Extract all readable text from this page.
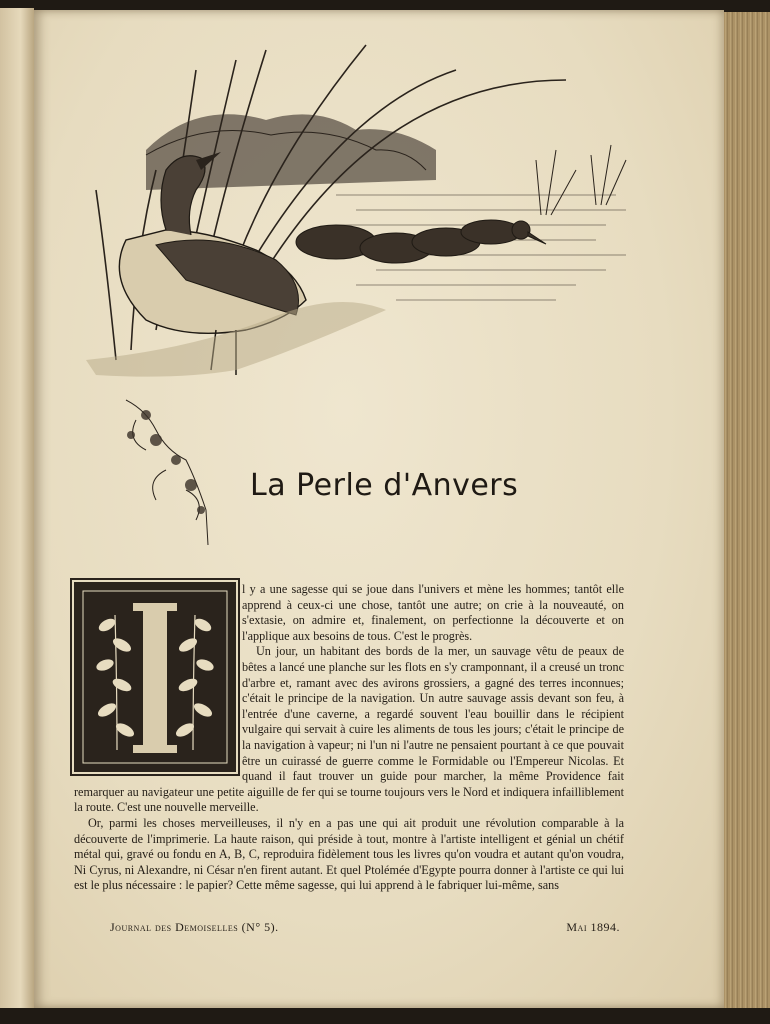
La Perle d'Anvers

l y a une sagesse qui se joue dans l'univers et mène les hommes; tantôt elle apprend à ceux-ci une chose, tantôt une autre; on crie à la nouveauté, on s'extasie, on admire et, finalement, on perfectionne la découverte et on l'applique aux besoins de tous. C'est le progrès.

Un jour, un habitant des bords de la mer, un sauvage vêtu de peaux de bêtes a lancé une planche sur les flots en s'y cramponnant, il a creusé un tronc d'arbre et, ramant avec des avirons grossiers, a gagné des terres inconnues; c'était le principe de la navigation. Un autre sauvage assis devant son feu, à l'entrée d'une caverne, a regardé souvent l'eau bouillir dans le récipient vulgaire qui servait à cuire les aliments de tous les jours; c'était le principe de la navigation à vapeur; ni l'un ni l'autre ne pensaient pourtant à ce que pouvait être un cuirassé de guerre comme le Formidable ou l'Empereur Nicolas. Et quand il faut trouver un guide pour marcher, la même Providence fait remarquer au navigateur une petite aiguille de fer qui se tourne toujours vers le Nord et indiquera infailliblement la route. C'est une nouvelle merveille.

Or, parmi les choses merveilleuses, il n'y en a pas une qui ait produit une révolution comparable à la découverte de l'imprimerie. La haute raison, qui préside à tout, montre à l'artiste intelligent et génial un chétif métal qui, gravé ou fondu en A, B, C, reproduira fidèlement tous les livres qu'on voudra et autant qu'on voudra, Ni Cyrus, ni Alexandre, ni César n'en firent autant. Et quel Ptolémée d'Egypte pourra donner à l'artiste ce qui lui est le plus nécessaire : le papier? Cette même sagesse, qui lui apprend à le fabriquer lui-même, sans

Journal des Demoiselles (N° 5).	Mai 1894.
